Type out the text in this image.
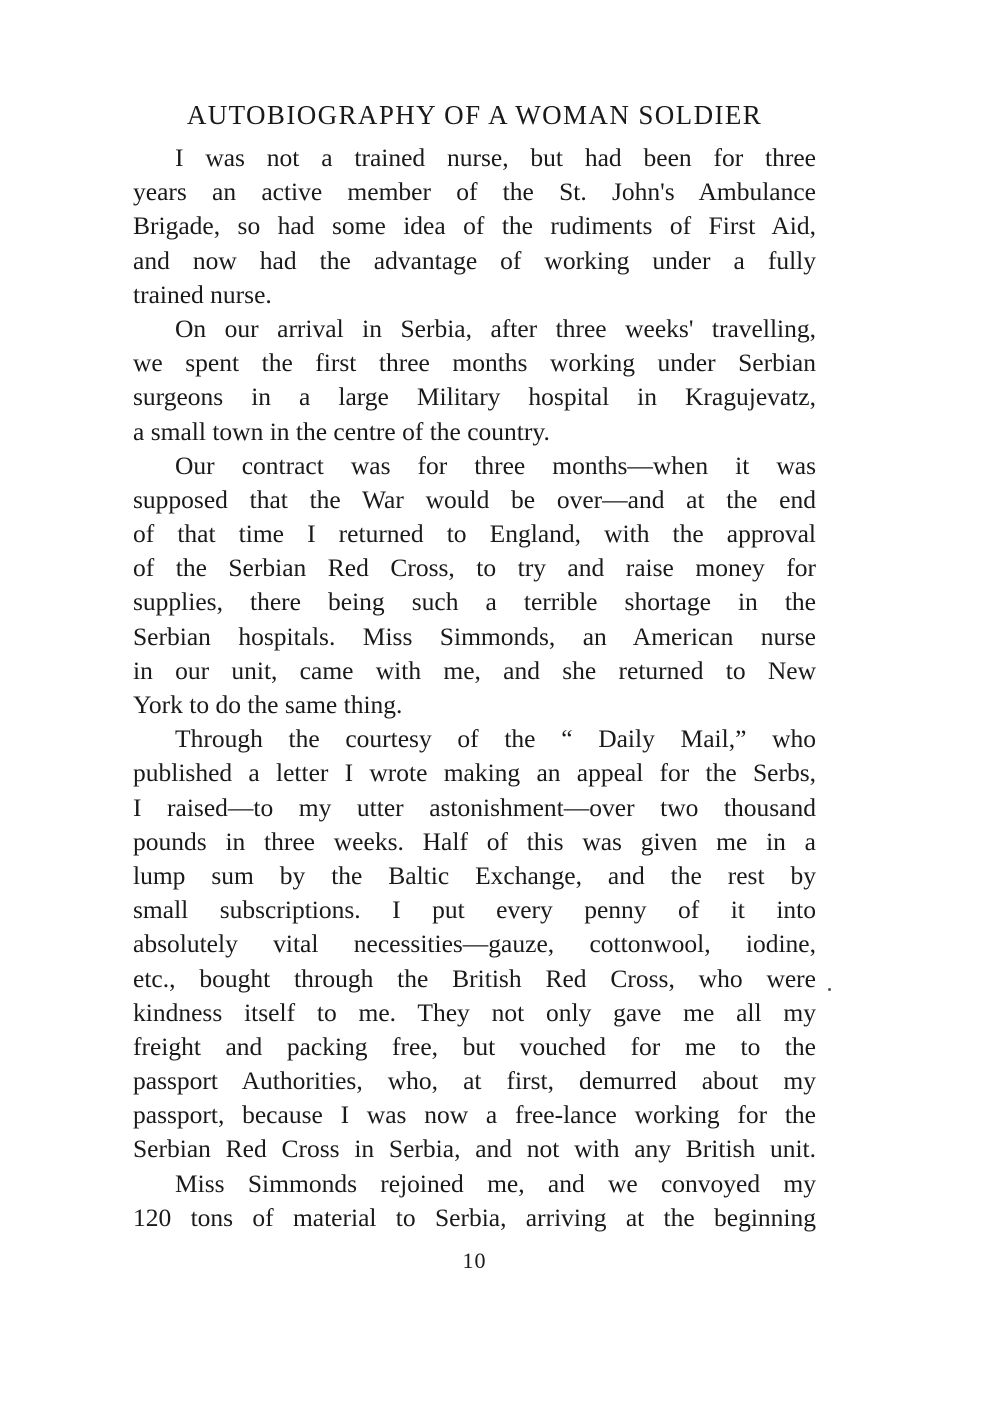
AUTOBIOGRAPHY OF A WOMAN SOLDIER
I was not a trained nurse, but had been for three
years an active member of the St. John's Ambulance
Brigade, so had some idea of the rudiments of First Aid,
and now had the advantage of working under a fully
trained nurse.
On our arrival in Serbia, after three weeks' travelling,
we spent the first three months working under Serbian
surgeons in a large Military hospital in Kragujevatz,
a small town in the centre of the country.
Our contract was for three months—when it was
supposed that the War would be over—and at the end
of that time I returned to England, with the approval
of the Serbian Red Cross, to try and raise money for
supplies, there being such a terrible shortage in the
Serbian hospitals. Miss Simmonds, an American nurse
in our unit, came with me, and she returned to New
York to do the same thing.
Through the courtesy of the “ Daily Mail,” who
published a letter I wrote making an appeal for the Serbs,
I raised—to my utter astonishment—over two thousand
pounds in three weeks. Half of this was given me in a
lump sum by the Baltic Exchange, and the rest by
small subscriptions. I put every penny of it into
absolutely vital necessities—gauze, cottonwool, iodine,
etc., bought through the British Red Cross, who were
kindness itself to me. They not only gave me all my
freight and packing free, but vouched for me to the
passport Authorities, who, at first, demurred about my
passport, because I was now a free-lance working for the
Serbian Red Cross in Serbia, and not with any British unit.
Miss Simmonds rejoined me, and we convoyed my
120 tons of material to Serbia, arriving at the beginning
10
